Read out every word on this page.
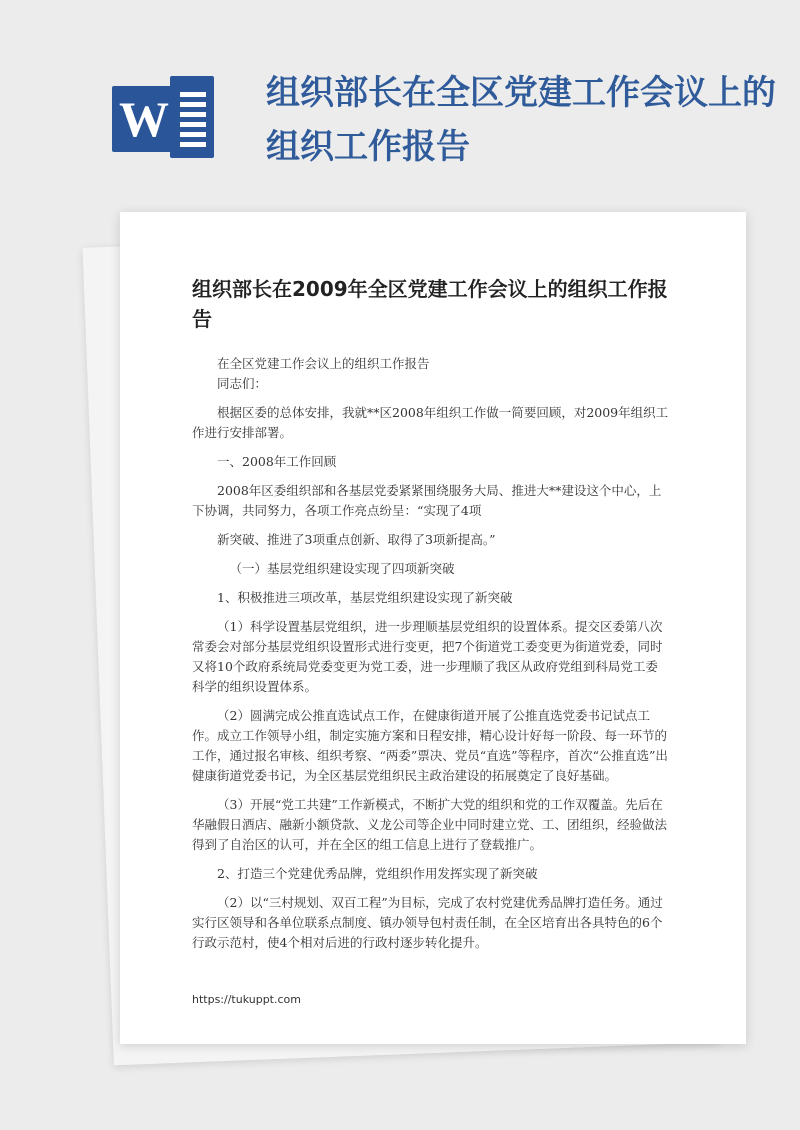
W	组织部长在全区党建工作会议上的组织工作报告
组织部长在2009年全区党建工作会议上的组织工作报告

在全区党建工作会议上的组织工作报告

同志们：

根据区委的总体安排，我就**区2008年组织工作做一简要回顾，对2009年组织工作进行安排部署。

一、2008年工作回顾

2008年区委组织部和各基层党委紧紧围绕服务大局、推进大**建设这个中心，上下协调，共同努力，各项工作亮点纷呈：“实现了4项

新突破、推进了3项重点创新、取得了3项新提高。”

（一）基层党组织建设实现了四项新突破

1、积极推进三项改革，基层党组织建设实现了新突破

（1）科学设置基层党组织，进一步理顺基层党组织的设置体系。提交区委第八次常委会对部分基层党组织设置形式进行变更，把7个街道党工委变更为街道党委，同时又将10个政府系统局党委变更为党工委，进一步理顺了我区从政府党组到科局党工委科学的组织设置体系。

（2）圆满完成公推直选试点工作，在健康街道开展了公推直选党委书记试点工作。成立工作领导小组，制定实施方案和日程安排，精心设计好每一阶段、每一环节的工作，通过报名审核、组织考察、“两委”票决、党员“直选”等程序，首次“公推直选”出健康街道党委书记，为全区基层党组织民主政治建设的拓展奠定了良好基础。

（3）开展“党工共建”工作新模式，不断扩大党的组织和党的工作双覆盖。先后在华融假日酒店、融新小额贷款、义龙公司等企业中同时建立党、工、团组织，经验做法得到了自治区的认可，并在全区的组工信息上进行了登载推广。

2、打造三个党建优秀品牌，党组织作用发挥实现了新突破

（2）以“三村规划、双百工程”为目标，完成了农村党建优秀品牌打造任务。通过实行区领导和各单位联系点制度、镇办领导包村责任制，在全区培育出各具特色的6个行政示范村，使4个相对后进的行政村逐步转化提升。

https://tukuppt.com
